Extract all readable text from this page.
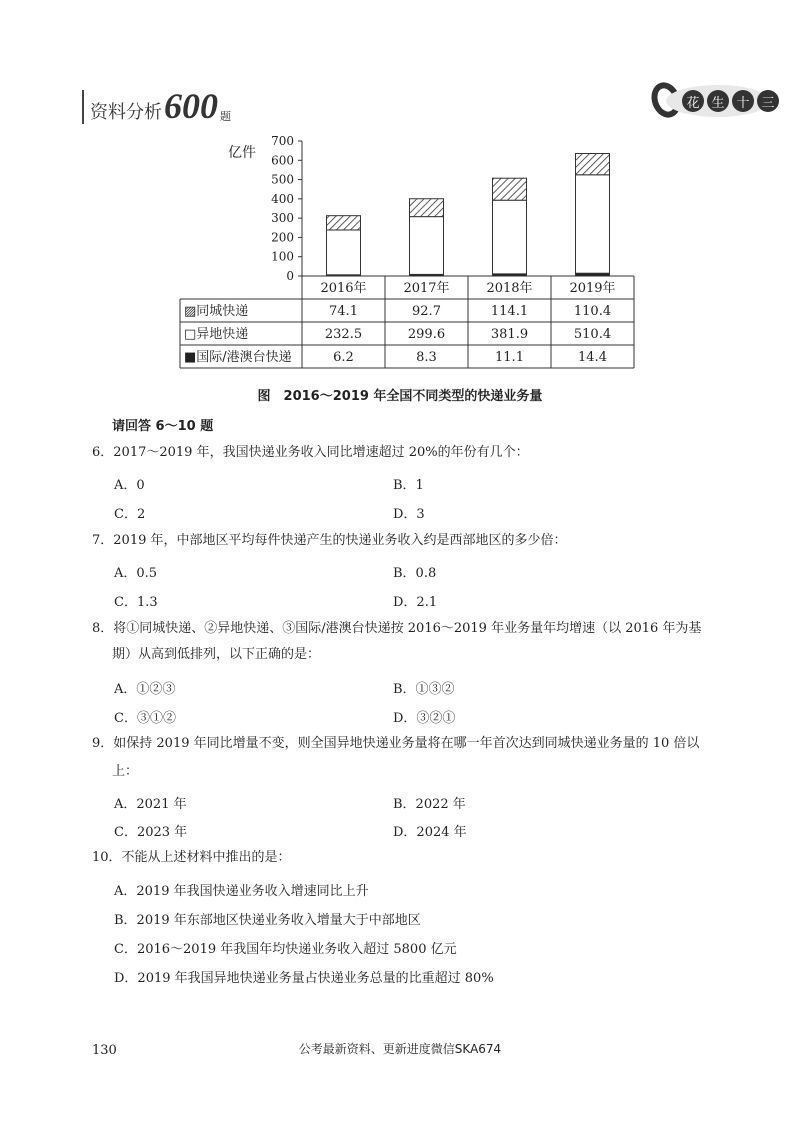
资料分析 600 题
花 生 十 三
亿件
0
100
200
300
400
500
600
700
2016年	2017年	2018年	2019年
▨同城快递	74.1	92.7	114.1	110.4
□异地快递	232.5	299.6	381.9	510.4
■国际/港澳台快递	6.2	8.3	11.1	14.4
图　2016～2019 年全国不同类型的快递业务量
请回答 6～10 题
6．2017～2019 年，我国快递业务收入同比增速超过 20%的年份有几个：
A．0	B．1
C．2	D．3
7．2019 年，中部地区平均每件快递产生的快递业务收入约是西部地区的多少倍：
A．0.5	B．0.8
C．1.3	D．2.1
8．将①同城快递、②异地快递、③国际/港澳台快递按 2016～2019 年业务量年均增速（以 2016 年为基
期）从高到低排列，以下正确的是：
A．①②③	B．①③②
C．③①②	D．③②①
9．如保持 2019 年同比增量不变，则全国异地快递业务量将在哪一年首次达到同城快递业务量的 10 倍以
上：
A．2021 年	B．2022 年
C．2023 年	D．2024 年
10．不能从上述材料中推出的是：
A．2019 年我国快递业务收入增速同比上升
B．2019 年东部地区快递业务收入增量大于中部地区
C．2016～2019 年我国年均快递业务收入超过 5800 亿元
D．2019 年我国异地快递业务量占快递业务总量的比重超过 80%
130	公考最新资料、更新进度微信SKA674
